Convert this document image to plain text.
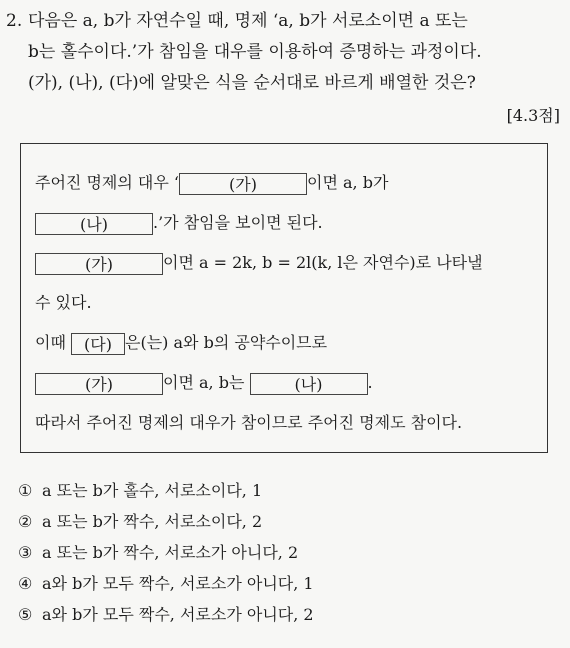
2. 다음은 a, b가 자연수일 때, 명제 ‘a, b가 서로소이면 a 또는
b는 홀수이다.’가 참임을 대우를 이용하여 증명하는 과정이다.
(가), (나), (다)에 알맞은 식을 순서대로 바르게 배열한 것은?
[4.3점]
주어진 명제의 대우 ‘	(가)	이면 a, b가
(나)	.’가 참임을 보이면 된다.
(가)	이면 a = 2k, b = 2l(k, l은 자연수)로 나타낼
수 있다.
이때 (다) 은(는) a와 b의 공약수이므로
(가)	이면 a, b는	(나)	.
따라서 주어진 명제의 대우가 참이므로 주어진 명제도 참이다.
① a 또는 b가 홀수, 서로소이다, 1
② a 또는 b가 짝수, 서로소이다, 2
③ a 또는 b가 짝수, 서로소가 아니다, 2
④ a와 b가 모두 짝수, 서로소가 아니다, 1
⑤ a와 b가 모두 짝수, 서로소가 아니다, 2
